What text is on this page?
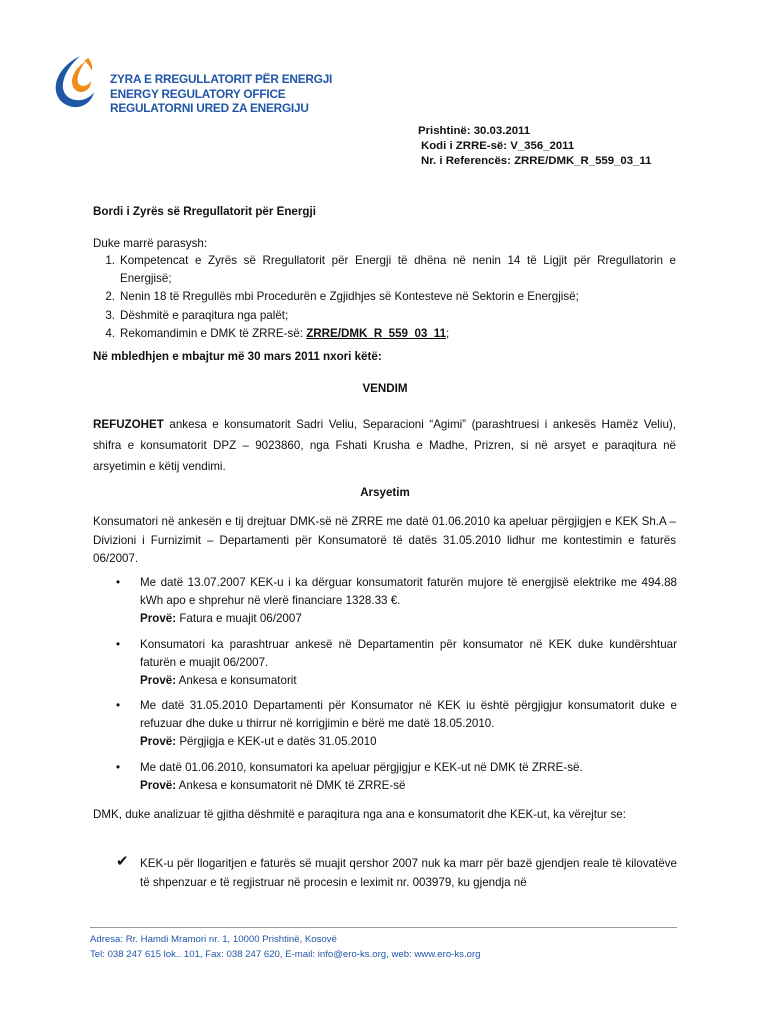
ZYRA E RREGULLATORIT PËR ENERGJI
ENERGY REGULATORY OFFICE
REGULATORNI URED ZA ENERGIJU
Prishtinë: 30.03.2011
Kodi i ZRRE-së: V_356_2011
Nr. i Referencës: ZRRE/DMK_R_559_03_11
Bordi i Zyrës së Rregullatorit për Energji
Duke marrë parasysh:
1. Kompetencat e Zyrës së Rregullatorit për Energji të dhëna në nenin 14 të Ligjit për Rregullatorin e Energjisë;
2. Nenin 18 të Rregullës mbi Procedurën e Zgjidhjes së Kontesteve në Sektorin e Energjisë;
3. Dëshmitë e paraqitura nga palët;
4. Rekomandimin e DMK të ZRRE-së: ZRRE/DMK_R_559_03_11;
Në mbledhjen e mbajtur më 30 mars 2011 nxori këtë:
VENDIM
REFUZOHET ankesa e konsumatorit Sadri Veliu, Separacioni “Agimi” (parashtruesi i ankesës Hamëz Veliu), shifra e konsumatorit DPZ – 9023860, nga Fshati Krusha e Madhe, Prizren, si në arsyet e paraqitura në arsyetimin e këtij vendimi.
Arsyetim
Konsumatori në ankesën e tij drejtuar DMK-së në ZRRE me datë 01.06.2010 ka apeluar përgjigjen e KEK Sh.A – Divizioni i Furnizimit – Departamenti për Konsumatorë të datës 31.05.2010 lidhur me kontestimin e faturës 06/2007.
• Me datë 13.07.2007 KEK-u i ka dërguar konsumatorit faturën mujore të energjisë elektrike me 494.88 kWh apo e shprehur në vlerë financiare 1328.33 €.
Provë: Fatura e muajit 06/2007
• Konsumatori ka parashtruar ankesë në Departamentin për konsumator në KEK duke kundërshtuar faturën e muajit 06/2007.
Provë: Ankesa e konsumatorit
• Me datë 31.05.2010 Departamenti për Konsumator në KEK iu është përgjigjur konsumatorit duke e refuzuar dhe duke u thirrur në korrigjimin e bërë me datë 18.05.2010.
Provë: Përgjigja e KEK-ut e datës 31.05.2010
• Me datë 01.06.2010, konsumatori ka apeluar përgjigjur e KEK-ut në DMK të ZRRE-së.
Provë: Ankesa e konsumatorit në DMK të ZRRE-së
DMK, duke analizuar të gjitha dëshmitë e paraqitura nga ana e konsumatorit dhe KEK-ut, ka vërejtur se:
✔ KEK-u për llogaritjen e faturës së muajit qershor 2007 nuk ka marr për bazë gjendjen reale të kilovatëve të shpenzuar e të regjistruar në procesin e leximit nr. 003979, ku gjendja në
Adresa: Rr. Hamdi Mramori nr. 1, 10000 Prishtinë, Kosovë
Tel: 038 247 615 lok.. 101, Fax: 038 247 620, E-mail: info@ero-ks.org, web: www.ero-ks.org
